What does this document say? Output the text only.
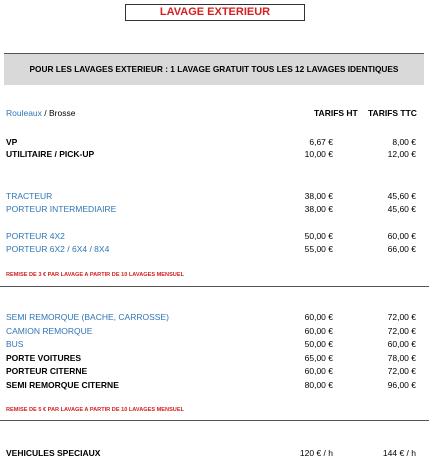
LAVAGE EXTERIEUR
POUR LES LAVAGES EXTERIEUR : 1 LAVAGE GRATUIT TOUS LES 12 LAVAGES IDENTIQUES
Rouleaux / Brosse	TARIFS HT TARIFS TTC
VP	6,67 €	8,00 €
UTILITAIRE / PICK-UP	10,00 €	12,00 €
TRACTEUR	38,00 €	45,60 €
PORTEUR INTERMEDIAIRE	38,00 €	45,60 €
PORTEUR 4X2	50,00 €	60,00 €
PORTEUR 6X2 / 6X4 / 8X4	55,00 €	66,00 €
REMISE DE 3 € PAR LAVAGE A PARTIR DE 10 LAVAGES MENSUEL
SEMI REMORQUE (BACHE, CARROSSE)	60,00 €	72,00 €
CAMION REMORQUE	60,00 €	72,00 €
BUS	50,00 €	60,00 €
PORTE VOITURES	65,00 €	78,00 €
PORTEUR CITERNE	60,00 €	72,00 €
SEMI REMORQUE CITERNE	80,00 €	96,00 €
REMISE DE 5 € PAR LAVAGE A PARTIR DE 10 LAVAGES MENSUEL
VEHICULES SPECIAUX	120 € / h	144 € / h
